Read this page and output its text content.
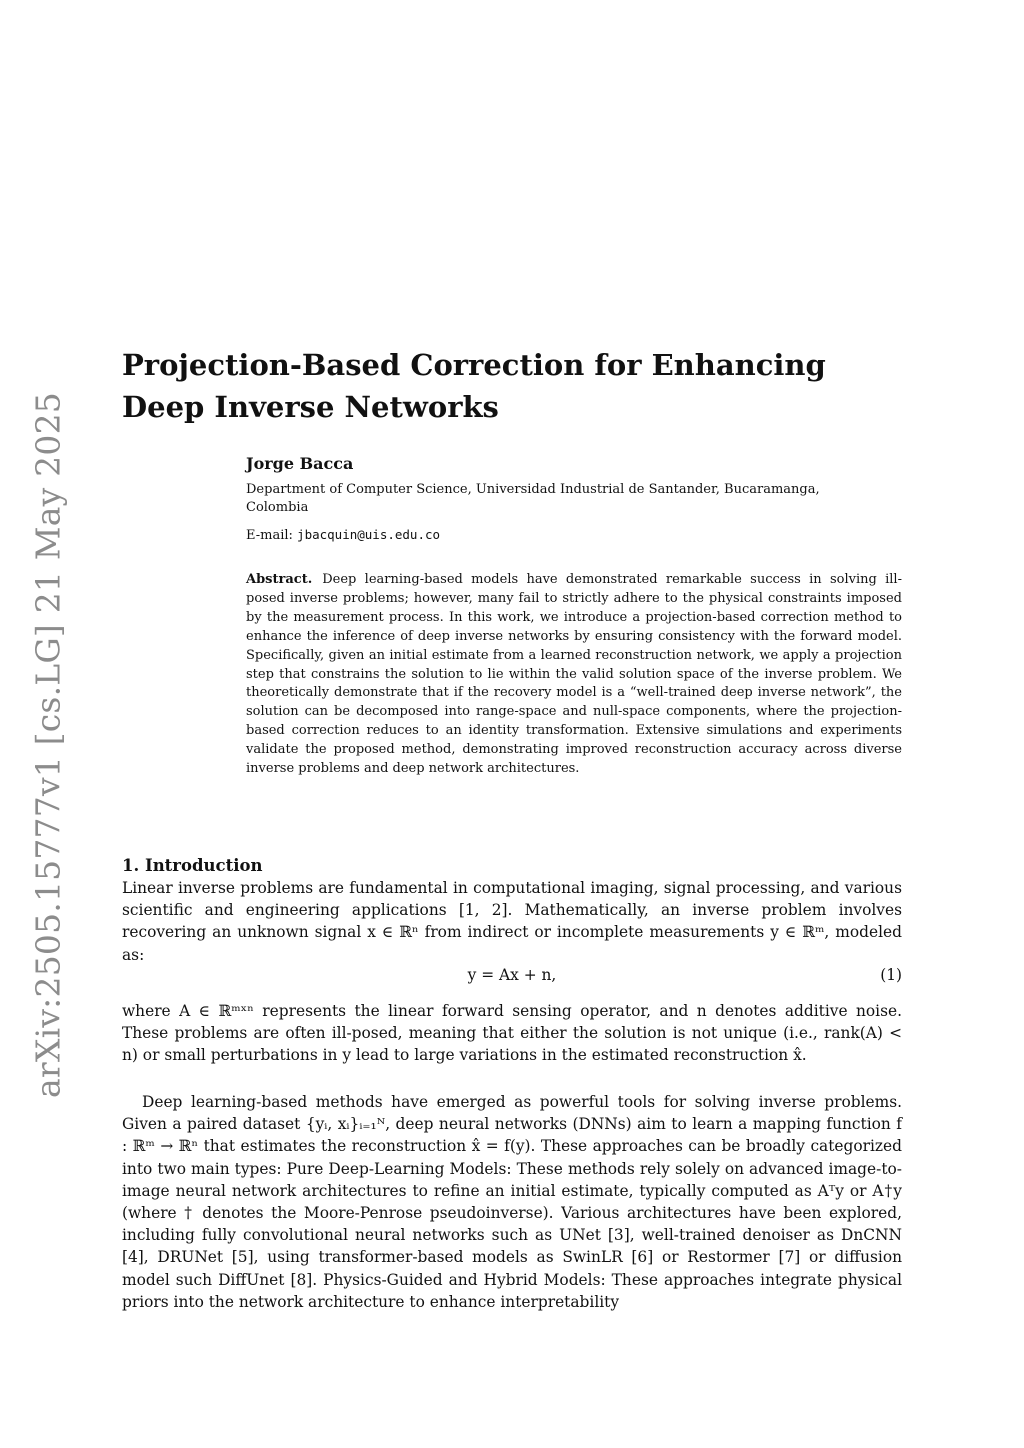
arXiv:2505.15777v1 [cs.LG] 21 May 2025
Projection-Based Correction for Enhancing Deep Inverse Networks
Jorge Bacca
Department of Computer Science, Universidad Industrial de Santander, Bucaramanga, Colombia
E-mail: jbacquin@uis.edu.co
Abstract. Deep learning-based models have demonstrated remarkable success in solving ill-posed inverse problems; however, many fail to strictly adhere to the physical constraints imposed by the measurement process. In this work, we introduce a projection-based correction method to enhance the inference of deep inverse networks by ensuring consistency with the forward model. Specifically, given an initial estimate from a learned reconstruction network, we apply a projection step that constrains the solution to lie within the valid solution space of the inverse problem. We theoretically demonstrate that if the recovery model is a “well-trained deep inverse network”, the solution can be decomposed into range-space and null-space components, where the projection-based correction reduces to an identity transformation. Extensive simulations and experiments validate the proposed method, demonstrating improved reconstruction accuracy across diverse inverse problems and deep network architectures.
1. Introduction
Linear inverse problems are fundamental in computational imaging, signal processing, and various scientific and engineering applications [1, 2]. Mathematically, an inverse problem involves recovering an unknown signal x ∈ ℝⁿ from indirect or incomplete measurements y ∈ ℝᵐ, modeled as:
y = Ax + n,	(1)
where A ∈ ℝᵐˣⁿ represents the linear forward sensing operator, and n denotes additive noise. These problems are often ill-posed, meaning that either the solution is not unique (i.e., rank(A) < n) or small perturbations in y lead to large variations in the estimated reconstruction x̂.
Deep learning-based methods have emerged as powerful tools for solving inverse problems. Given a paired dataset {yᵢ, xᵢ}ᵢ₌₁ᴺ, deep neural networks (DNNs) aim to learn a mapping function f : ℝᵐ → ℝⁿ that estimates the reconstruction x̂ = f(y). These approaches can be broadly categorized into two main types: Pure Deep-Learning Models: These methods rely solely on advanced image-to-image neural network architectures to refine an initial estimate, typically computed as Aᵀy or A†y (where † denotes the Moore-Penrose pseudoinverse). Various architectures have been explored, including fully convolutional neural networks such as UNet [3], well-trained denoiser as DnCNN [4], DRUNet [5], using transformer-based models as SwinLR [6] or Restormer [7] or diffusion model such DiffUnet [8]. Physics-Guided and Hybrid Models: These approaches integrate physical priors into the network architecture to enhance interpretability
